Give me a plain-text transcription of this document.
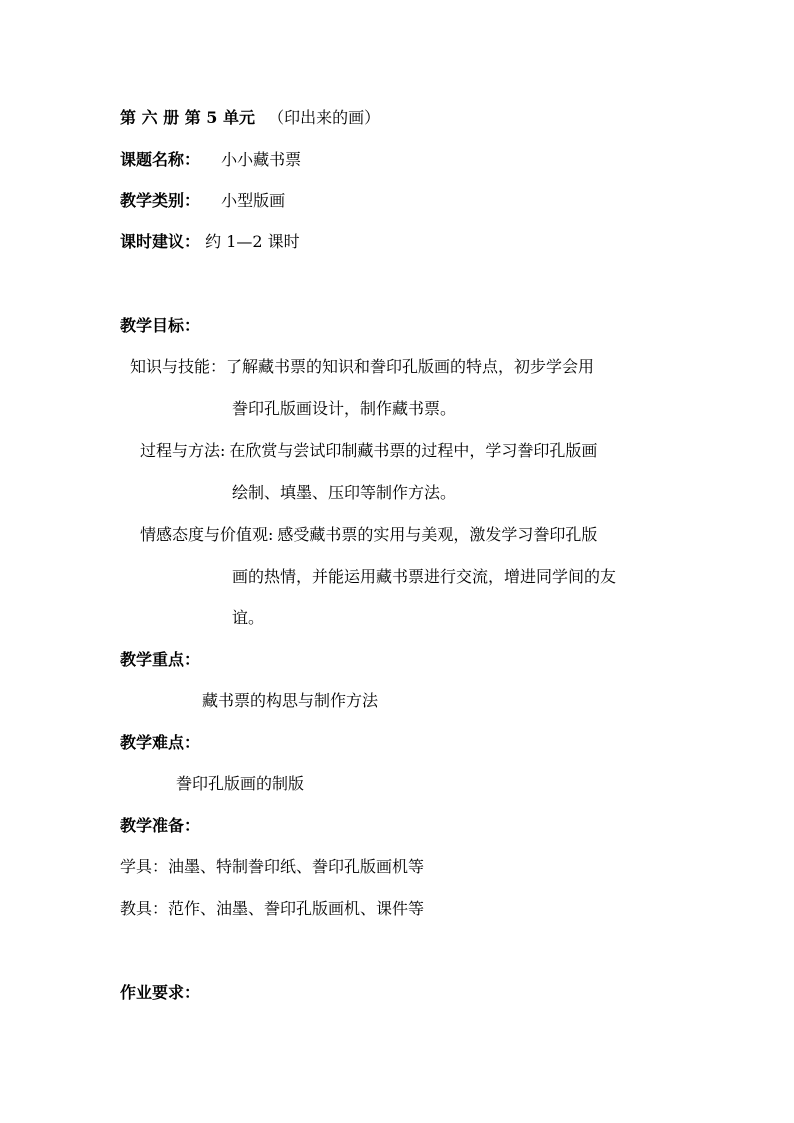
第 六 册 第 5 单元 （印出来的画）
课题名称： 小小藏书票
教学类别： 小型版画
课时建议： 约 1—2 课时
教学目标：
知识与技能：了解藏书票的知识和誊印孔版画的特点，初步学会用
誊印孔版画设计，制作藏书票。
过程与方法: 在欣赏与尝试印制藏书票的过程中，学习誊印孔版画
绘制、填墨、压印等制作方法。
情感态度与价值观: 感受藏书票的实用与美观，激发学习誊印孔版
画的热情，并能运用藏书票进行交流，增进同学间的友
谊。
教学重点：
藏书票的构思与制作方法
教学难点：
誊印孔版画的制版
教学准备：
学具：油墨、特制誊印纸、誊印孔版画机等
教具：范作、油墨、誊印孔版画机、课件等
作业要求：
